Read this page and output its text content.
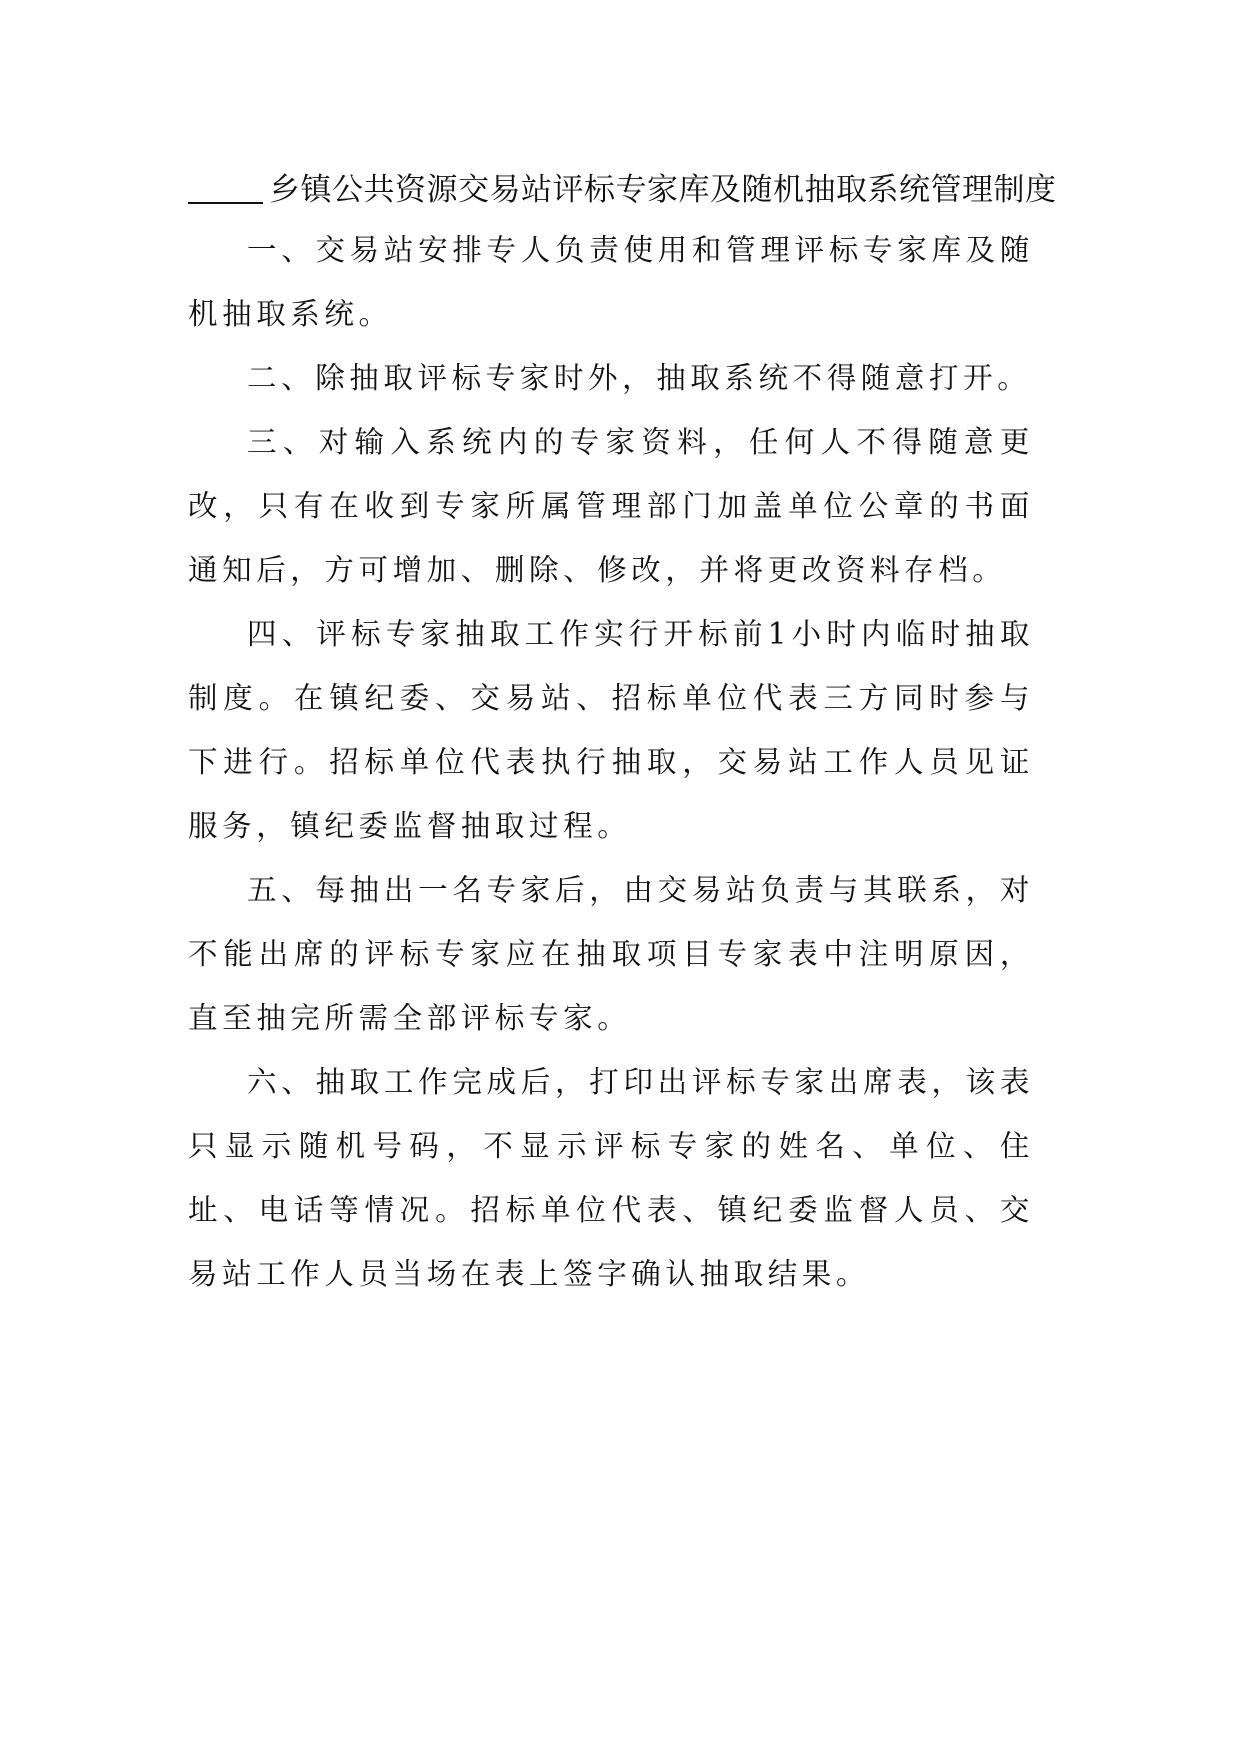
乡镇公共资源交易站评标专家库及随机抽取系统管理制度

一、交易站安排专人负责使用和管理评标专家库及随机抽取系统。

二、除抽取评标专家时外，抽取系统不得随意打开。

三、对输入系统内的专家资料，任何人不得随意更改，只有在收到专家所属管理部门加盖单位公章的书面通知后，方可增加、删除、修改，并将更改资料存档。

四、评标专家抽取工作实行开标前1小时内临时抽取制度。在镇纪委、交易站、招标单位代表三方同时参与下进行。招标单位代表执行抽取，交易站工作人员见证服务，镇纪委监督抽取过程。

五、每抽出一名专家后，由交易站负责与其联系，对不能出席的评标专家应在抽取项目专家表中注明原因，直至抽完所需全部评标专家。

六、抽取工作完成后，打印出评标专家出席表，该表只显示随机号码，不显示评标专家的姓名、单位、住址、电话等情况。招标单位代表、镇纪委监督人员、交易站工作人员当场在表上签字确认抽取结果。
